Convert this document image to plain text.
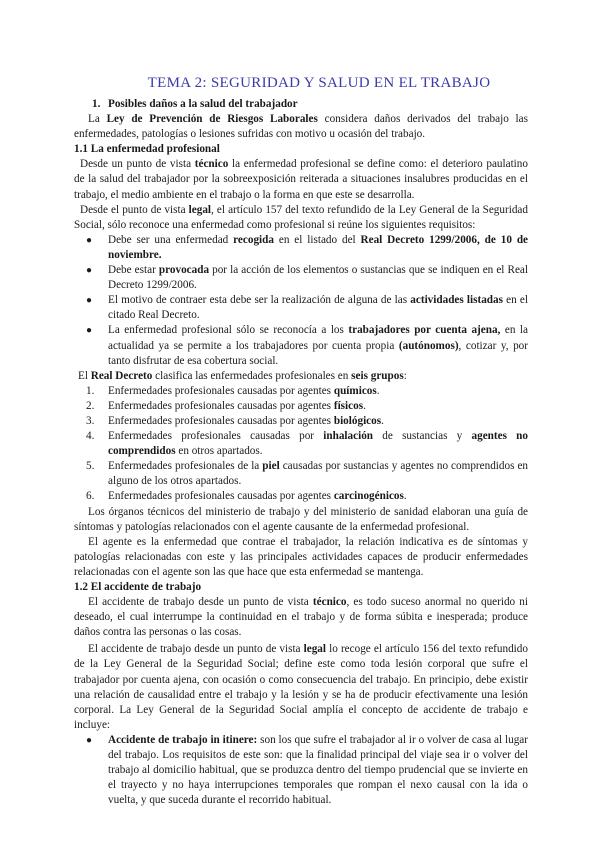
TEMA 2: SEGURIDAD Y SALUD EN EL TRABAJO
1. Posibles daños a la salud del trabajador

La Ley de Prevención de Riesgos Laborales considera daños derivados del trabajo las enfermedades, patologías o lesiones sufridas con motivo u ocasión del trabajo.

1.1 La enfermedad profesional

Desde un punto de vista técnico la enfermedad profesional se define como: el deterioro paulatino de la salud del trabajador por la sobreexposición reiterada a situaciones insalubres producidas en el trabajo, el medio ambiente en el trabajo o la forma en que este se desarrolla.

Desde el punto de vista legal, el artículo 157 del texto refundido de la Ley General de la Seguridad Social, sólo reconoce una enfermedad como profesional si reúne los siguientes requisitos:

● Debe ser una enfermedad recogida en el listado del Real Decreto 1299/2006, de 10 de noviembre.
● Debe estar provocada por la acción de los elementos o sustancias que se indiquen en el Real Decreto 1299/2006.
● El motivo de contraer esta debe ser la realización de alguna de las actividades listadas en el citado Real Decreto.
● La enfermedad profesional sólo se reconocía a los trabajadores por cuenta ajena, en la actualidad ya se permite a los trabajadores por cuenta propia (autónomos), cotizar y, por tanto disfrutar de esa cobertura social.

El Real Decreto clasifica las enfermedades profesionales en seis grupos:

1. Enfermedades profesionales causadas por agentes químicos.
2. Enfermedades profesionales causadas por agentes físicos.
3. Enfermedades profesionales causadas por agentes biológicos.
4. Enfermedades profesionales causadas por inhalación de sustancias y agentes no comprendidos en otros apartados.
5. Enfermedades profesionales de la piel causadas por sustancias y agentes no comprendidos en alguno de los otros apartados.
6. Enfermedades profesionales causadas por agentes carcinogénicos.

Los órganos técnicos del ministerio de trabajo y del ministerio de sanidad elaboran una guía de síntomas y patologías relacionados con el agente causante de la enfermedad profesional.

El agente es la enfermedad que contrae el trabajador, la relación indicativa es de síntomas y patologías relacionadas con este y las principales actividades capaces de producir enfermedades relacionadas con el agente son las que hace que esta enfermedad se mantenga.

1.2 El accidente de trabajo

El accidente de trabajo desde un punto de vista técnico, es todo suceso anormal no querido ni deseado, el cual interrumpe la continuidad en el trabajo y de forma súbita e inesperada; produce daños contra las personas o las cosas.

El accidente de trabajo desde un punto de vista legal lo recoge el artículo 156 del texto refundido de la Ley General de la Seguridad Social; define este como toda lesión corporal que sufre el trabajador por cuenta ajena, con ocasión o como consecuencia del trabajo. En principio, debe existir una relación de causalidad entre el trabajo y la lesión y se ha de producir efectivamente una lesión corporal. La Ley General de la Seguridad Social amplía el concepto de accidente de trabajo e incluye:

● Accidente de trabajo in itinere: son los que sufre el trabajador al ir o volver de casa al lugar del trabajo. Los requisitos de este son: que la finalidad principal del viaje sea ir o volver del trabajo al domicilio habitual, que se produzca dentro del tiempo prudencial que se invierte en el trayecto y no haya interrupciones temporales que rompan el nexo causal con la ida o vuelta, y que suceda durante el recorrido habitual.
